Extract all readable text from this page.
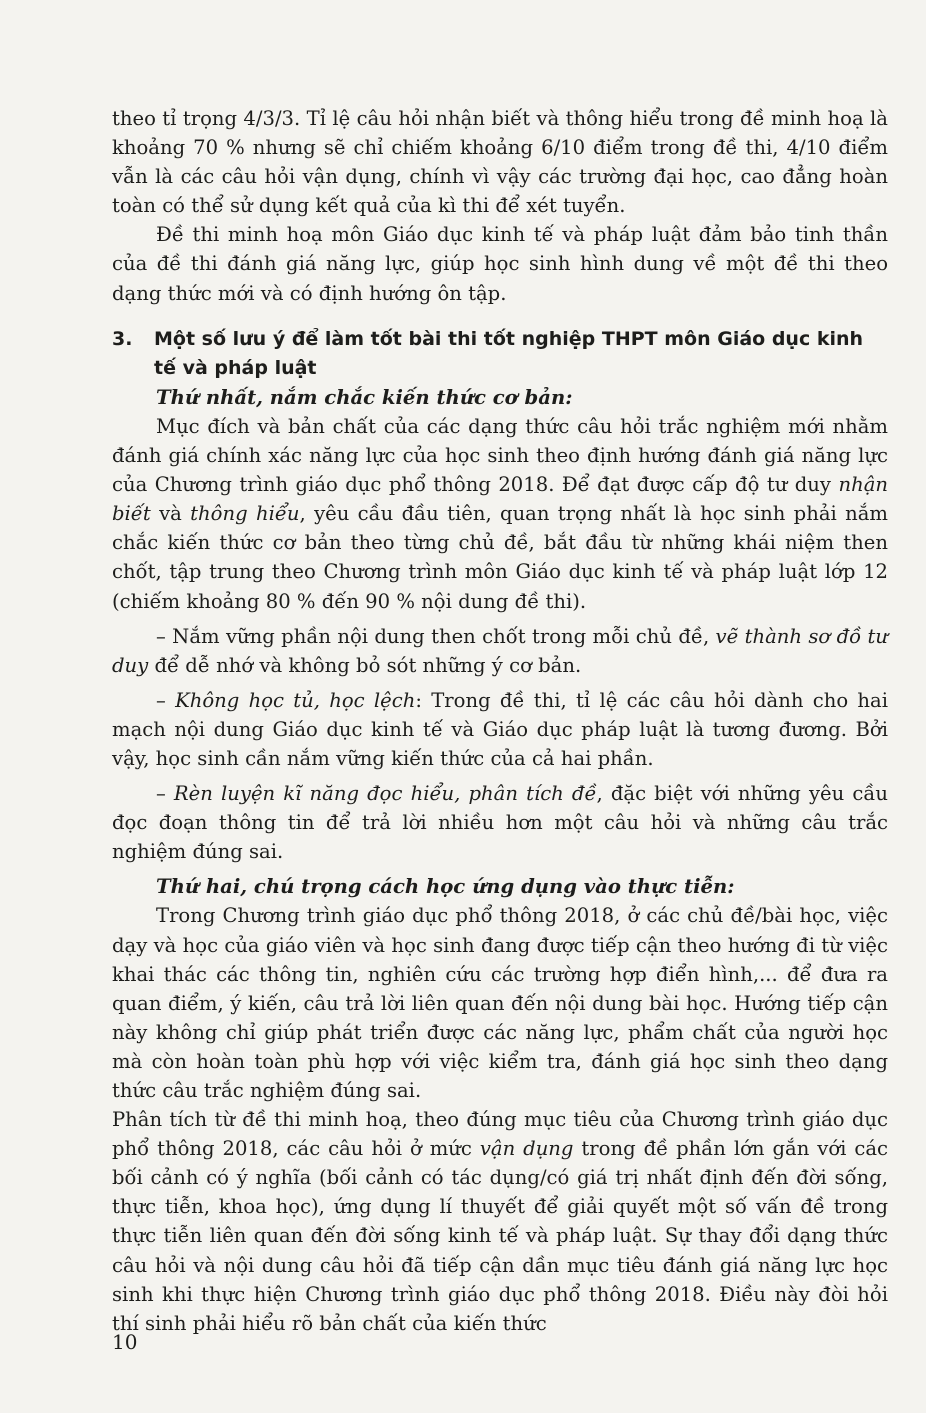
theo tỉ trọng 4/3/3. Tỉ lệ câu hỏi nhận biết và thông hiểu trong đề minh hoạ là khoảng 70 % nhưng sẽ chỉ chiếm khoảng 6/10 điểm trong đề thi, 4/10 điểm vẫn là các câu hỏi vận dụng, chính vì vậy các trường đại học, cao đẳng hoàn toàn có thể sử dụng kết quả của kì thi để xét tuyển.

Đề thi minh hoạ môn Giáo dục kinh tế và pháp luật đảm bảo tinh thần của đề thi đánh giá năng lực, giúp học sinh hình dung về một đề thi theo dạng thức mới và có định hướng ôn tập.

3.	Một số lưu ý để làm tốt bài thi tốt nghiệp THPT môn Giáo dục kinh tế và pháp luật

Thứ nhất, nắm chắc kiến thức cơ bản:

Mục đích và bản chất của các dạng thức câu hỏi trắc nghiệm mới nhằm đánh giá chính xác năng lực của học sinh theo định hướng đánh giá năng lực của Chương trình giáo dục phổ thông 2018. Để đạt được cấp độ tư duy nhận biết và thông hiểu, yêu cầu đầu tiên, quan trọng nhất là học sinh phải nắm chắc kiến thức cơ bản theo từng chủ đề, bắt đầu từ những khái niệm then chốt, tập trung theo Chương trình môn Giáo dục kinh tế và pháp luật lớp 12 (chiếm khoảng 80 % đến 90 % nội dung đề thi).

– Nắm vững phần nội dung then chốt trong mỗi chủ đề, vẽ thành sơ đồ tư duy để dễ nhớ và không bỏ sót những ý cơ bản.

– Không học tủ, học lệch: Trong đề thi, tỉ lệ các câu hỏi dành cho hai mạch nội dung Giáo dục kinh tế và Giáo dục pháp luật là tương đương. Bởi vậy, học sinh cần nắm vững kiến thức của cả hai phần.

– Rèn luyện kĩ năng đọc hiểu, phân tích đề, đặc biệt với những yêu cầu đọc đoạn thông tin để trả lời nhiều hơn một câu hỏi và những câu trắc nghiệm đúng sai.

Thứ hai, chú trọng cách học ứng dụng vào thực tiễn:

Trong Chương trình giáo dục phổ thông 2018, ở các chủ đề/bài học, việc dạy và học của giáo viên và học sinh đang được tiếp cận theo hướng đi từ việc khai thác các thông tin, nghiên cứu các trường hợp điển hình,... để đưa ra quan điểm, ý kiến, câu trả lời liên quan đến nội dung bài học. Hướng tiếp cận này không chỉ giúp phát triển được các năng lực, phẩm chất của người học mà còn hoàn toàn phù hợp với việc kiểm tra, đánh giá học sinh theo dạng thức câu trắc nghiệm đúng sai.

Phân tích từ đề thi minh hoạ, theo đúng mục tiêu của Chương trình giáo dục phổ thông 2018, các câu hỏi ở mức vận dụng trong đề phần lớn gắn với các bối cảnh có ý nghĩa (bối cảnh có tác dụng/có giá trị nhất định đến đời sống, thực tiễn, khoa học), ứng dụng lí thuyết để giải quyết một số vấn đề trong thực tiễn liên quan đến đời sống kinh tế và pháp luật. Sự thay đổi dạng thức câu hỏi và nội dung câu hỏi đã tiếp cận dần mục tiêu đánh giá năng lực học sinh khi thực hiện Chương trình giáo dục phổ thông 2018. Điều này đòi hỏi thí sinh phải hiểu rõ bản chất của kiến thức

10
